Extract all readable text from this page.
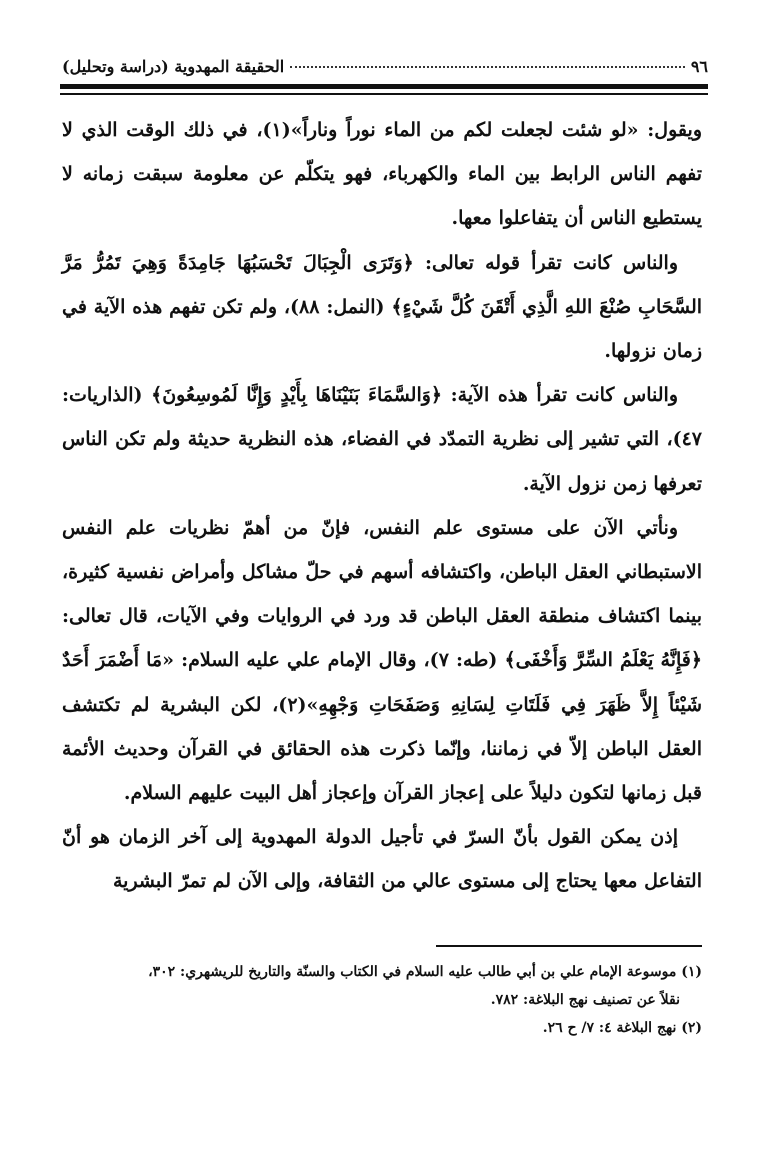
٩٦
الحقيقة المهدوية (دراسة وتحليل)

ويقول: «لو شئت لجعلت لكم من الماء نوراً وناراً»(١)، في ذلك الوقت الذي لا تفهم الناس الرابط بين الماء والكهرباء، فهو يتكلّم عن معلومة سبقت زمانه لا يستطيع الناس أن يتفاعلوا معها.

والناس كانت تقرأ قوله تعالى: ﴿وَتَرَى الْجِبَالَ تَحْسَبُهَا جَامِدَةً وَهِيَ تَمُرُّ مَرَّ السَّحَابِ صُنْعَ اللهِ الَّذِي أَتْقَنَ كُلَّ شَيْءٍ﴾ (النمل: ٨٨)، ولم تكن تفهم هذه الآية في زمان نزولها.

والناس كانت تقرأ هذه الآية: ﴿وَالسَّمَاءَ بَنَيْنَاهَا بِأَيْدٍ وَإِنَّا لَمُوسِعُونَ﴾ (الذاريات: ٤٧)، التي تشير إلى نظرية التمدّد في الفضاء، هذه النظرية حديثة ولم تكن الناس تعرفها زمن نزول الآية.

ونأتي الآن على مستوى علم النفس، فإنّ من أهمّ نظريات علم النفس الاستبطاني العقل الباطن، واكتشافه أسهم في حلّ مشاكل وأمراض نفسية كثيرة، بينما اكتشاف منطقة العقل الباطن قد ورد في الروايات وفي الآيات، قال تعالى: ﴿فَإِنَّهُ يَعْلَمُ السِّرَّ وَأَخْفَى﴾ (طه: ٧)، وقال الإمام علي عليه السلام: «مَا أَضْمَرَ أَحَدٌ شَيْئاً إِلاَّ ظَهَرَ فِي فَلَتَاتِ لِسَانِهِ وَصَفَحَاتِ وَجْهِهِ»(٢)، لكن البشرية لم تكتشف العقل الباطن إلاّ في زماننا، وإنّما ذكرت هذه الحقائق في القرآن وحديث الأئمة قبل زمانها لتكون دليلاً على إعجاز القرآن وإعجاز أهل البيت عليهم السلام.

إذن يمكن القول بأنّ السرّ في تأجيل الدولة المهدوية إلى آخر الزمان هو أنّ التفاعل معها يحتاج إلى مستوى عالي من الثقافة، وإلى الآن لم تمرّ البشرية

(١) موسوعة الإمام علي بن أبي طالب عليه السلام في الكتاب والسنّة والتاريخ للريشهري: ٣٠٢،

نقلاً عن تصنيف نهج البلاغة: ٧٨٢.

(٢) نهج البلاغة ٤: ٧/ ح ٢٦.
